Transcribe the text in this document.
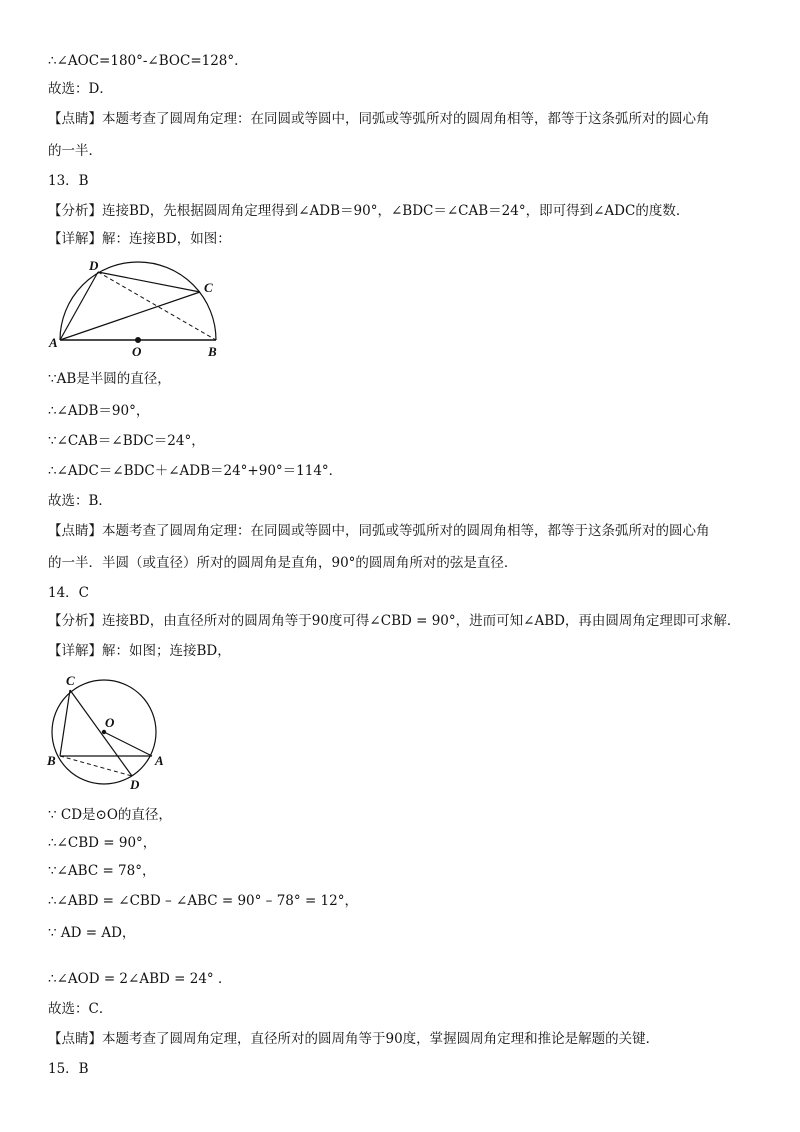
∴∠AOC=180°-∠BOC=128°.
故选：D．
【点睛】本题考查了圆周角定理：在同圆或等圆中，同弧或等弧所对的圆周角相等，都等于这条弧所对的圆心角
的一半．
13．B
【分析】连接BD，先根据圆周角定理得到∠ADB＝90°，∠BDC＝∠CAB＝24°，即可得到∠ADC的度数．
【详解】解：连接BD，如图：
A
D
C
O	B
∵AB是半圆的直径，
∴∠ADB＝90°，
∵∠CAB＝∠BDC＝24°，
∴∠ADC＝∠BDC＋∠ADB＝24°+90°＝114°．
故选：B．
【点睛】本题考查了圆周角定理：在同圆或等圆中，同弧或等弧所对的圆周角相等，都等于这条弧所对的圆心角
的一半．半圆（或直径）所对的圆周角是直角，90°的圆周角所对的弦是直径．
14．C
【分析】连接BD，由直径所对的圆周角等于90度可得∠CBD = 90°，进而可知∠ABD，再由圆周角定理即可求解．
【详解】解：如图；连接BD，
C
O
B	A
D
∵ CD是⊙O的直径，
∴∠CBD = 90°，
∵∠ABC = 78°，
∴∠ABD = ∠CBD – ∠ABC = 90° – 78° = 12°，
∵ AD = AD，
∴∠AOD = 2∠ABD = 24° ．
故选：C．
【点睛】本题考查了圆周角定理，直径所对的圆周角等于90度，掌握圆周角定理和推论是解题的关键．
15．B
